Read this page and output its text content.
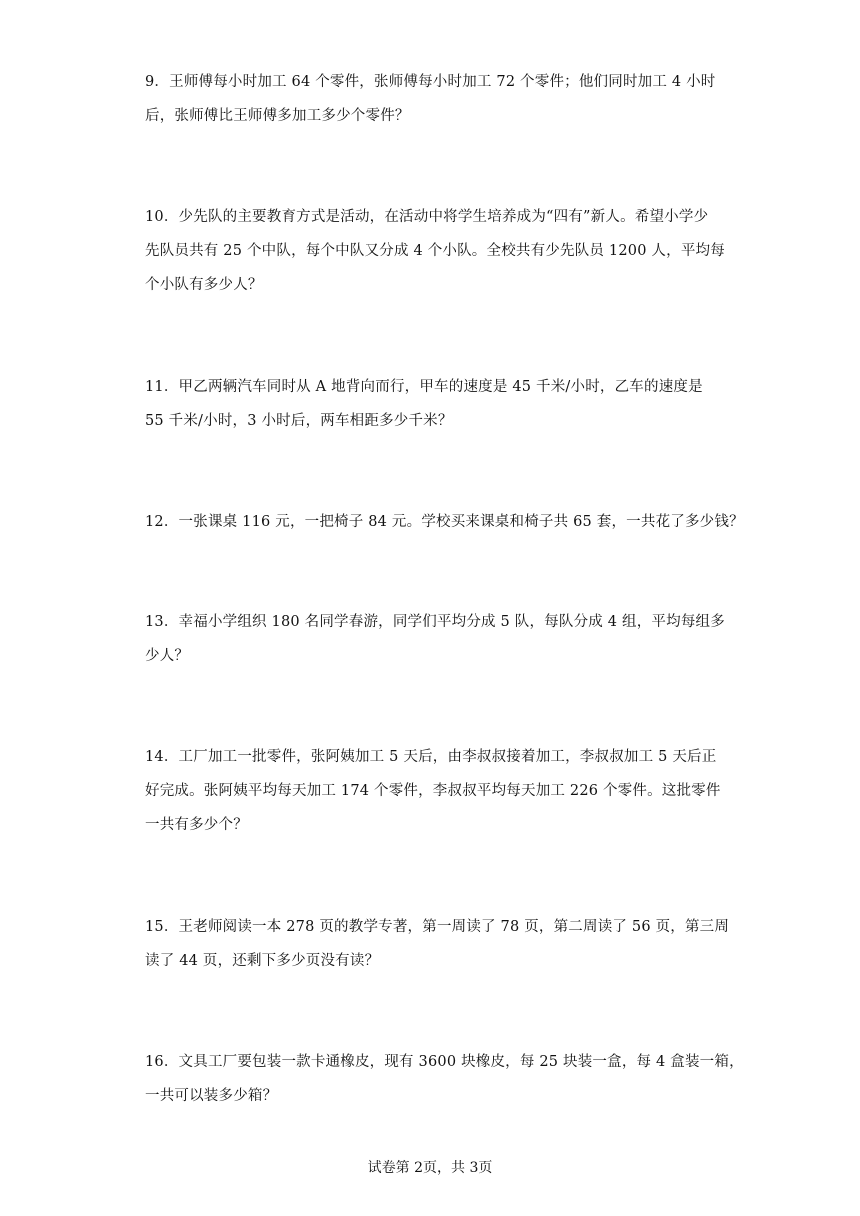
9．王师傅每小时加工 64 个零件，张师傅每小时加工 72 个零件；他们同时加工 4 小时
后，张师傅比王师傅多加工多少个零件？
10．少先队的主要教育方式是活动，在活动中将学生培养成为“四有”新人。希望小学少
先队员共有 25 个中队，每个中队又分成 4 个小队。全校共有少先队员 1200 人，平均每
个小队有多少人？
11．甲乙两辆汽车同时从 A 地背向而行，甲车的速度是 45 千米/小时，乙车的速度是
55 千米/小时，3 小时后，两车相距多少千米？
12．一张课桌 116 元，一把椅子 84 元。学校买来课桌和椅子共 65 套，一共花了多少钱？
13．幸福小学组织 180 名同学春游，同学们平均分成 5 队，每队分成 4 组，平均每组多
少人？
14．工厂加工一批零件，张阿姨加工 5 天后，由李叔叔接着加工，李叔叔加工 5 天后正
好完成。张阿姨平均每天加工 174 个零件，李叔叔平均每天加工 226 个零件。这批零件
一共有多少个？
15．王老师阅读一本 278 页的教学专著，第一周读了 78 页，第二周读了 56 页，第三周
读了 44 页，还剩下多少页没有读？
16．文具工厂要包装一款卡通橡皮，现有 3600 块橡皮，每 25 块装一盒，每 4 盒装一箱，
一共可以装多少箱？
试卷第 2页，共 3页
